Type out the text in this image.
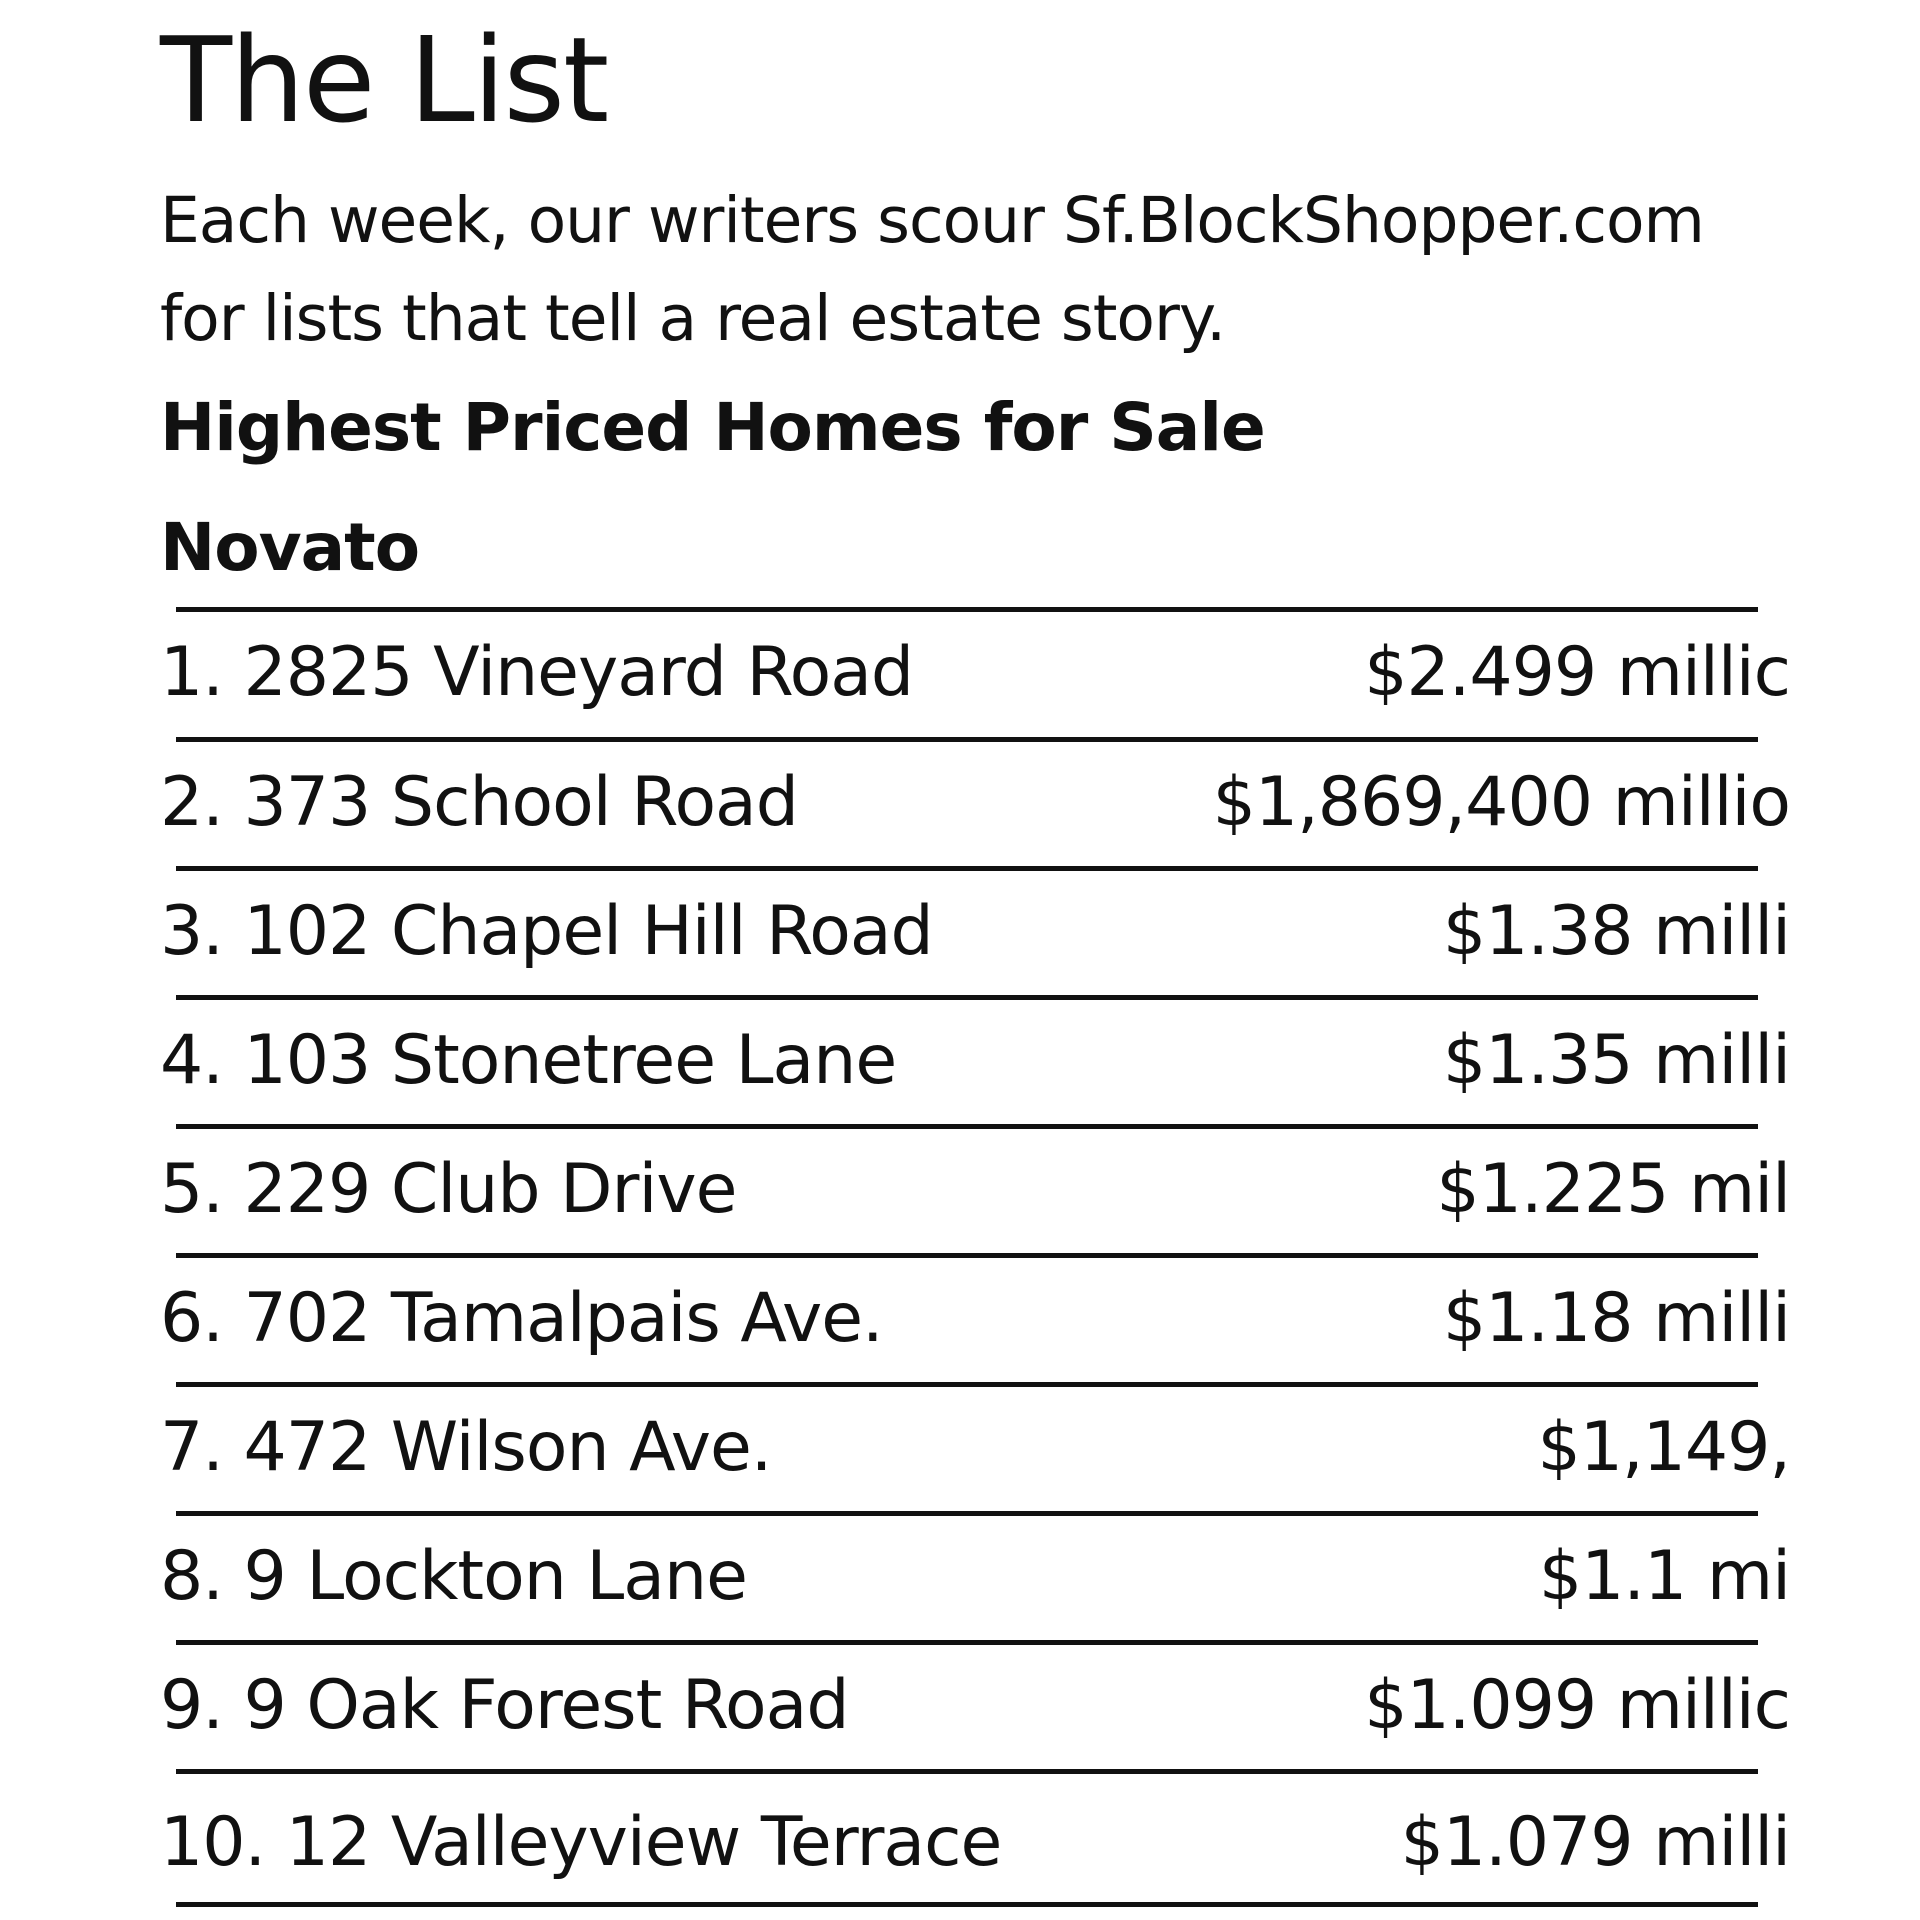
The List

Each week, our writers scour Sf.BlockShopper.com
for lists that tell a real estate story.

Highest Priced Homes for Sale
Novato
1. 2825 Vineyard Road	$2.499 millic
2. 373 School Road	$1,869,400 millio
3. 102 Chapel Hill Road	$1.38 milli
4. 103 Stonetree Lane	$1.35 milli
5. 229 Club Drive	$1.225 mil
6. 702 Tamalpais Ave.	$1.18 milli
7. 472 Wilson Ave.	$1,149,
8. 9 Lockton Lane	$1.1 mi
9. 9 Oak Forest Road	$1.099 millic
10. 12 Valleyview Terrace	$1.079 milli
